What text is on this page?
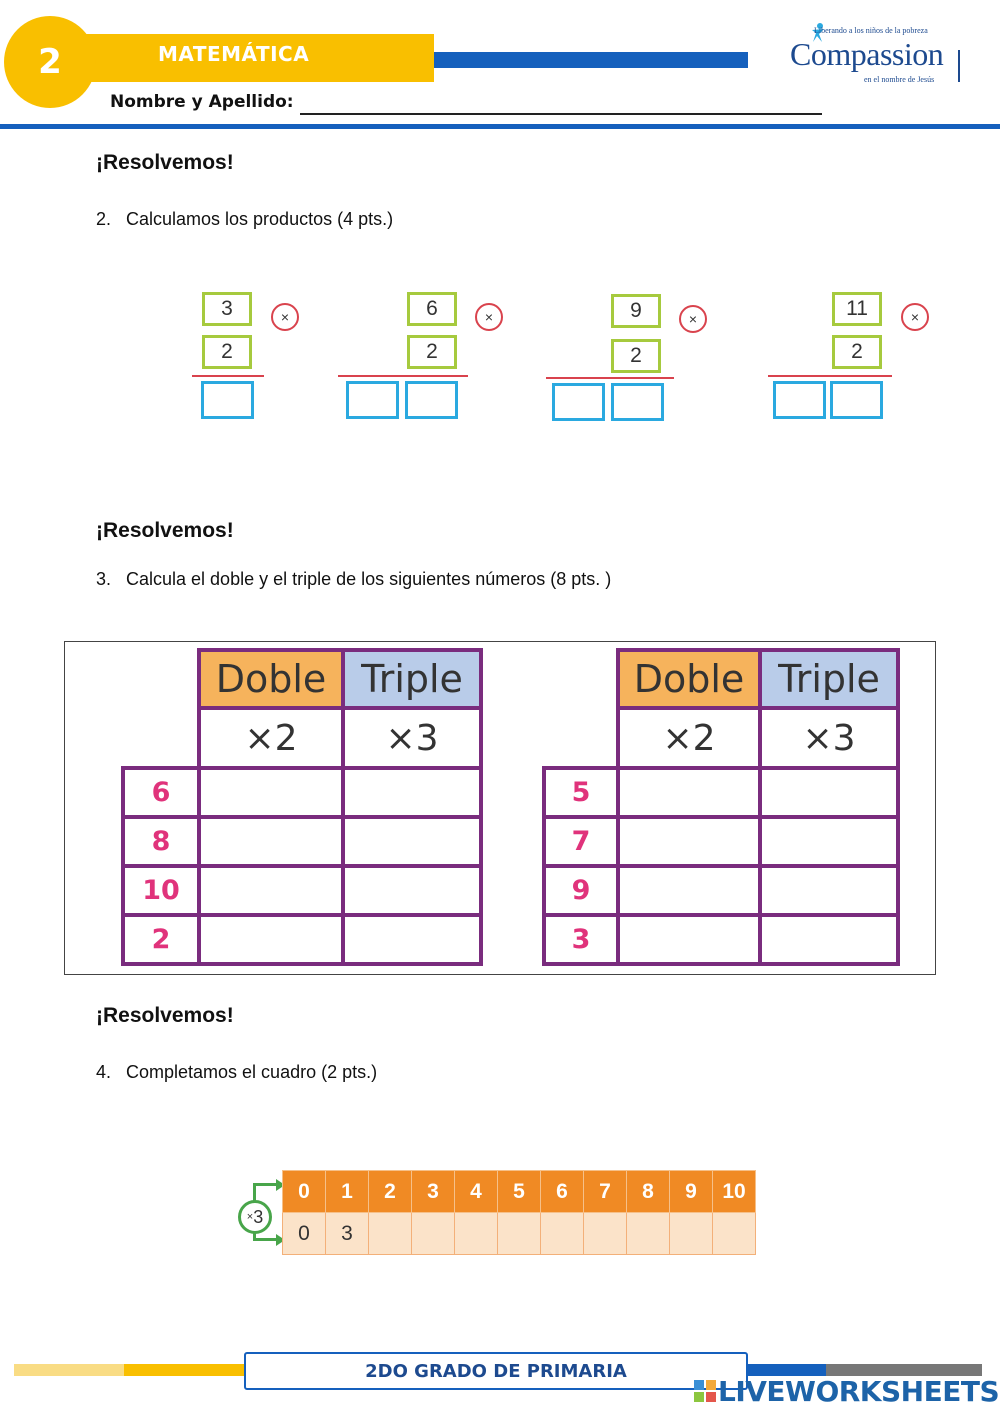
2	MATEMÁTICA
Nombre y Apellido:
Liberando a los niños de la pobreza
Compassion
en el nombre de Jesús
¡Resolvemos!
2. Calculamos los productos (4 pts.)
3	×
2
6	×
2
9	×
2
11	×
2
¡Resolvemos!
3. Calcula el doble y el triple de los siguientes números (8 pts. )
	Doble	Triple
	×2	×3
6		
8		
10		
2		
	Doble	Triple
	×2	×3
5		
7		
9		
3		
¡Resolvemos!
4. Completamos el cuadro (2 pts.)
× 3
0	1	2	3	4	5	6	7	8	9	10
0	3									
2DO GRADO DE PRIMARIA
LIVEWORKSHEETS
